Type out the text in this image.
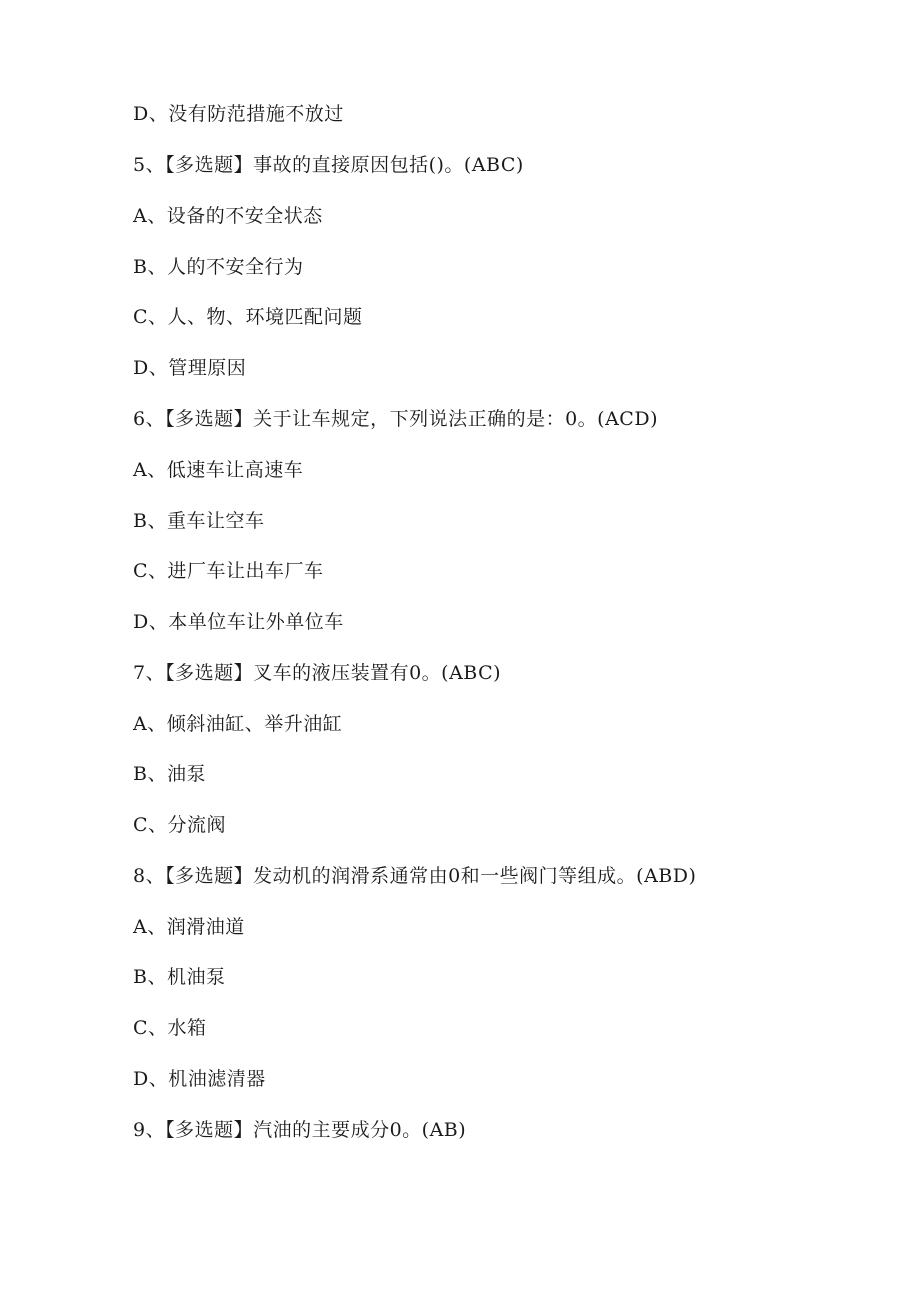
D、没有防范措施不放过
5、【多选题】事故的直接原因包括()。(ABC)
A、设备的不安全状态
B、人的不安全行为
C、人、物、环境匹配问题
D、管理原因
6、【多选题】关于让车规定，下列说法正确的是：0。(ACD)
A、低速车让高速车
B、重车让空车
C、进厂车让出车厂车
D、本单位车让外单位车
7、【多选题】叉车的液压装置有0。(ABC)
A、倾斜油缸、举升油缸
B、油泵
C、分流阀
8、【多选题】发动机的润滑系通常由0和一些阀门等组成。(ABD)
A、润滑油道
B、机油泵
C、水箱
D、机油滤清器
9、【多选题】汽油的主要成分0。(AB)
